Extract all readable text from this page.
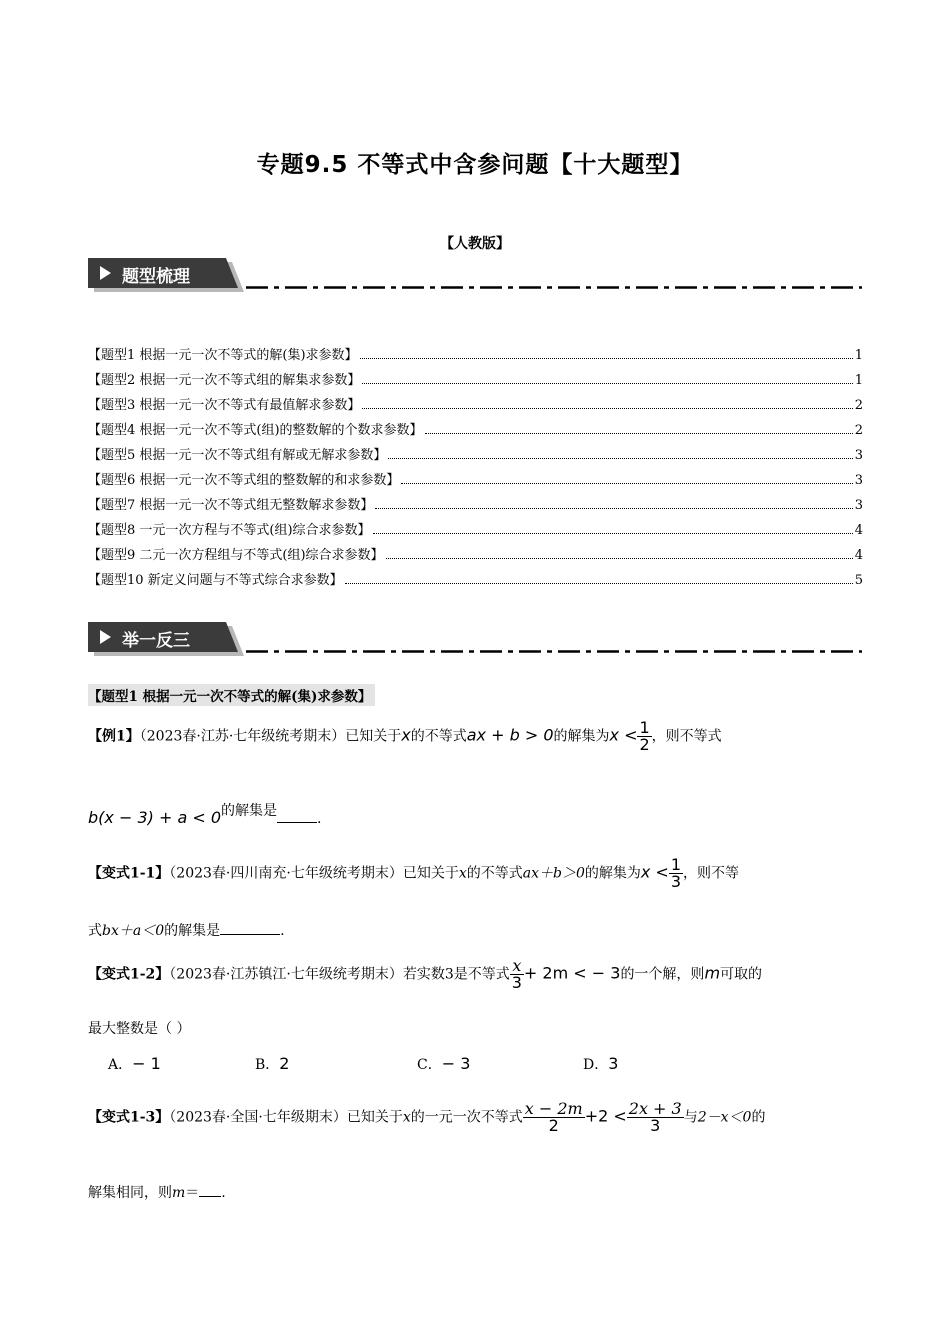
专题9.5 不等式中含参问题【十大题型】
【人教版】
题型梳理
【题型1 根据一元一次不等式的解(集)求参数】	1
【题型2 根据一元一次不等式组的解集求参数】	1
【题型3 根据一元一次不等式有最值解求参数】	2
【题型4 根据一元一次不等式(组)的整数解的个数求参数】	2
【题型5 根据一元一次不等式组有解或无解求参数】	3
【题型6 根据一元一次不等式组的整数解的和求参数】	3
【题型7 根据一元一次不等式组无整数解求参数】	3
【题型8 一元一次方程与不等式(组)综合求参数】	4
【题型9 二元一次方程组与不等式(组)综合求参数】	4
【题型10 新定义问题与不等式综合求参数】	5
举一反三
【题型1 根据一元一次不等式的解(集)求参数】
【例1】（2023春·江苏·七年级统考期末）已知关于x的不等式ax + b > 0的解集为$x < \frac{1}{2}$ ，则不等式
b(x − 3) + a < 0的解集是	.
【变式1-1】（2023春·四川南充·七年级统考期末）已知关于x的不等式ax＋b＞0的解集为$x < \frac{1}{3}$ ，则不等
式bx＋a＜0的解集是	.
【变式1-2】（2023春·江苏镇江·七年级统考期末）若实数3是不等式 $\frac{x}{3} + 2m$ < − 3的一个解，则m可取的
最大整数是（ ）
A．− 1	B．2	C．− 3	D．3
【变式1-3】（2023春·全国·七年级期末）已知关于x的一元一次不等式 $\frac{x - 2m}{2} +2 < \frac{2x + 3}{3}$ 与2－x＜0的
解集相同，则m＝ .
